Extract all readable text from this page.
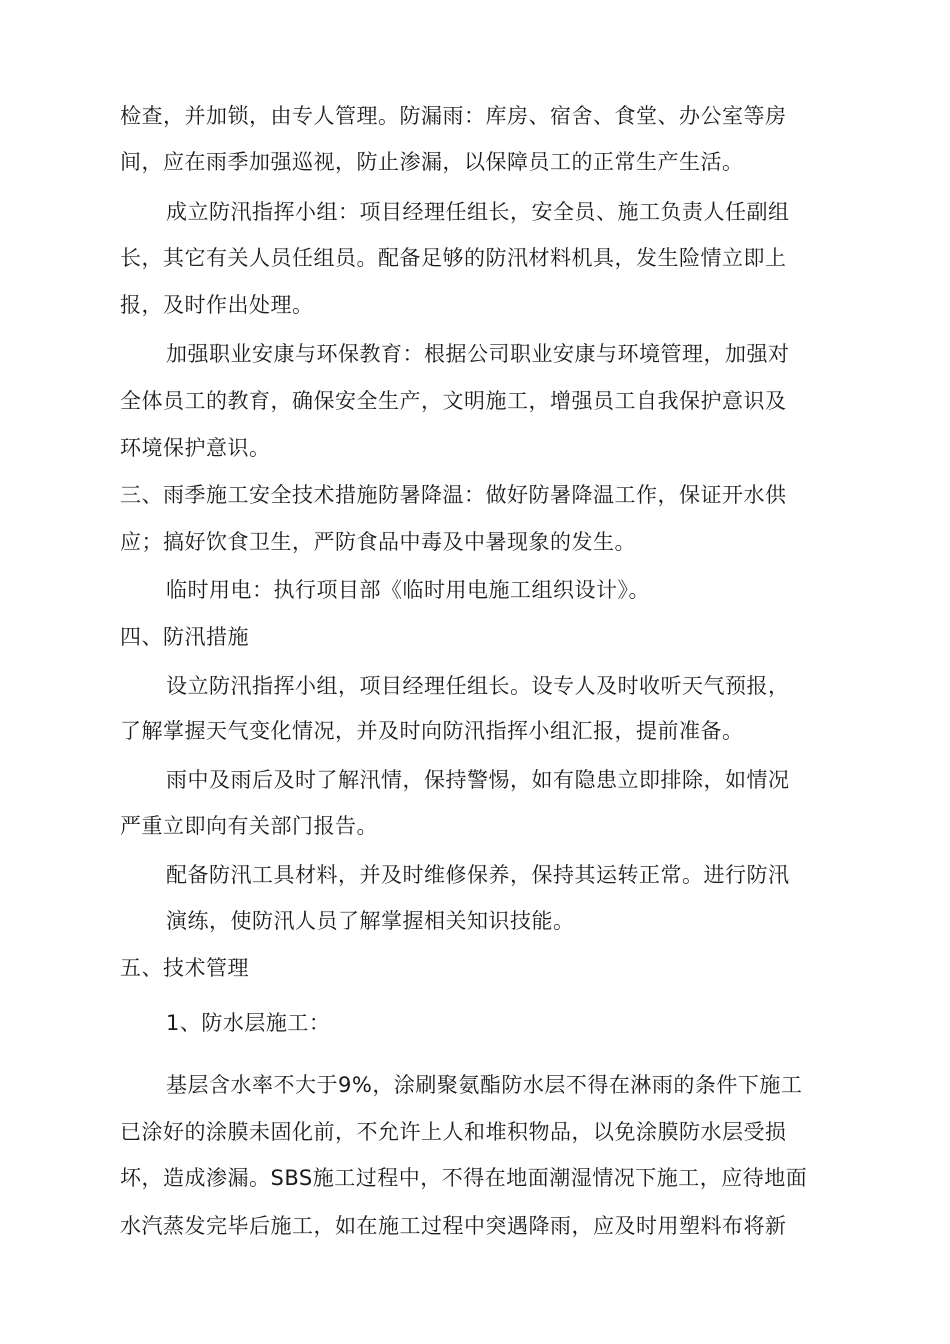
检查，并加锁，由专人管理。防漏雨：库房、宿舍、食堂、办公室等房
间，应在雨季加强巡视，防止渗漏，以保障员工的正常生产生活。
成立防汛指挥小组：项目经理任组长，安全员、施工负责人任副组
长，其它有关人员任组员。配备足够的防汛材料机具，发生险情立即上
报，及时作出处理。
加强职业安康与环保教育：根据公司职业安康与环境管理，加强对
全体员工的教育，确保安全生产，文明施工，增强员工自我保护意识及
环境保护意识。
三、雨季施工安全技术措施防暑降温：做好防暑降温工作，保证开水供
应；搞好饮食卫生，严防食品中毒及中暑现象的发生。
临时用电：执行项目部《临时用电施工组织设计》。
四、防汛措施
设立防汛指挥小组，项目经理任组长。设专人及时收听天气预报，
了解掌握天气变化情况，并及时向防汛指挥小组汇报，提前准备。
雨中及雨后及时了解汛情，保持警惕，如有隐患立即排除，如情况
严重立即向有关部门报告。
配备防汛工具材料，并及时维修保养，保持其运转正常。进行防汛
演练，使防汛人员了解掌握相关知识技能。
五、技术管理
1、防水层施工：
基层含水率不大于9%，涂刷聚氨酯防水层不得在淋雨的条件下施工
已涂好的涂膜未固化前，不允许上人和堆积物品，以免涂膜防水层受损
坏，造成渗漏。SBS施工过程中，不得在地面潮湿情况下施工，应待地面
水汽蒸发完毕后施工，如在施工过程中突遇降雨，应及时用塑料布将新
